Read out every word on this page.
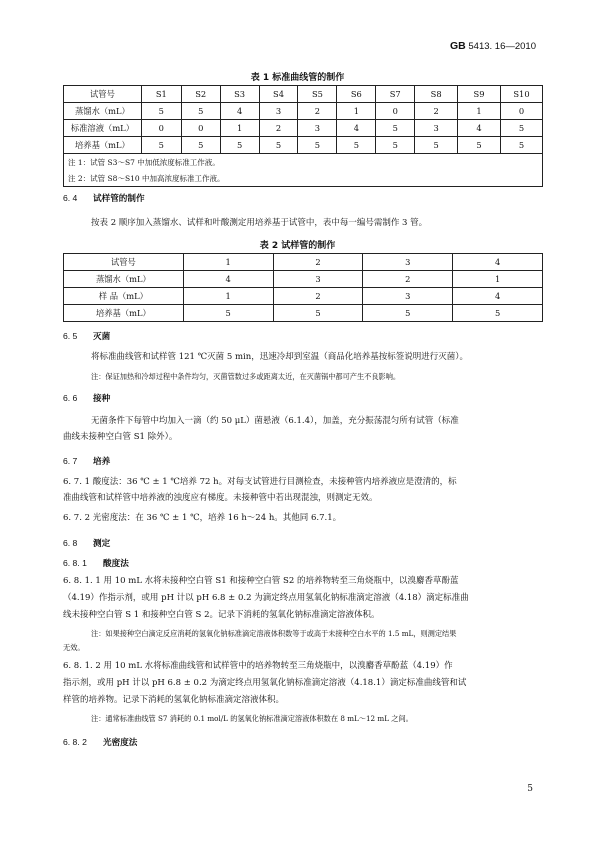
GB 5413. 16—2010
表 1 标准曲线管的制作
试管号	S1	S2	S3	S4	S5	S6	S7	S8	S9	S10
蒸馏水（mL）	5	5	4	3	2	1	0	2	1	0
标准溶液（mL）	0	0	1	2	3	4	5	3	4	5
培养基（mL）	5	5	5	5	5	5	5	5	5	5
注 1：试管 S3～S7 中加低浓度标准工作液。										
注 2：试管 S8～S10 中加高浓度标准工作液。										
6. 4 试样管的制作
按表 2 顺序加入蒸馏水、试样和叶酸测定用培养基于试管中，表中每一编号需制作 3 管。
表 2 试样管的制作
试管号	1	2	3	4
蒸馏水（mL）	4	3	2	1
样 品（mL）	1	2	3	4
培养基（mL）	5	5	5	5
6. 5 灭菌
将标准曲线管和试样管 121 ℃灭菌 5 min，迅速冷却到室温（商品化培养基按标签说明进行灭菌）。
注：保证加热和冷却过程中条件均匀，灭菌管数过多或距离太近，在灭菌锅中都可产生不良影响。
6. 6 接种
无菌条件下每管中均加入一滴（约 50 μL）菌悬液（6.1.4），加盖，充分振荡混匀所有试管（标准
曲线未接种空白管 S1 除外）。
6. 7 培养
6. 7. 1 酸度法：36 ℃ ± 1 ℃培养 72 h。对每支试管进行目测检查，未接种管内培养液应是澄清的，标
准曲线管和试样管中培养液的浊度应有梯度。未接种管中若出现混浊，则测定无效。
6. 7. 2 光密度法：在 36 ℃ ± 1 ℃，培养 16 h～24 h。其他同 6.7.1。
6. 8 测定
6. 8. 1 酸度法
6. 8. 1. 1 用 10 mL 水将未接种空白管 S1 和接种空白管 S2 的培养物转至三角烧瓶中，以溴麝香草酚蓝
（4.19）作指示剂，或用 pH 计以 pH 6.8 ± 0.2 为滴定终点用氢氧化钠标准滴定溶液（4.18）滴定标准曲
线未接种空白管 S 1 和接种空白管 S 2。记录下消耗的氢氧化钠标准滴定溶液体积。
注：如果接种空白滴定反应消耗的氢氧化钠标准滴定溶液体积数等于或高于未接种空白水平的 1.5 mL，则测定结果
无效。
6. 8. 1. 2 用 10 mL 水将标准曲线管和试样管中的培养物转至三角烧瓶中，以溴麝香草酚蓝（4.19）作
指示剂，或用 pH 计以 pH 6.8 ± 0.2 为滴定终点用氢氧化钠标准滴定溶液（4.18.1）滴定标准曲线管和试
样管的培养物。记录下消耗的氢氧化钠标准滴定溶液体积。
注：通常标准曲线管 S7 消耗的 0.1 mol/L 的氢氧化钠标准滴定溶液体积数在 8 mL～12 mL 之间。
6. 8. 2 光密度法
5
